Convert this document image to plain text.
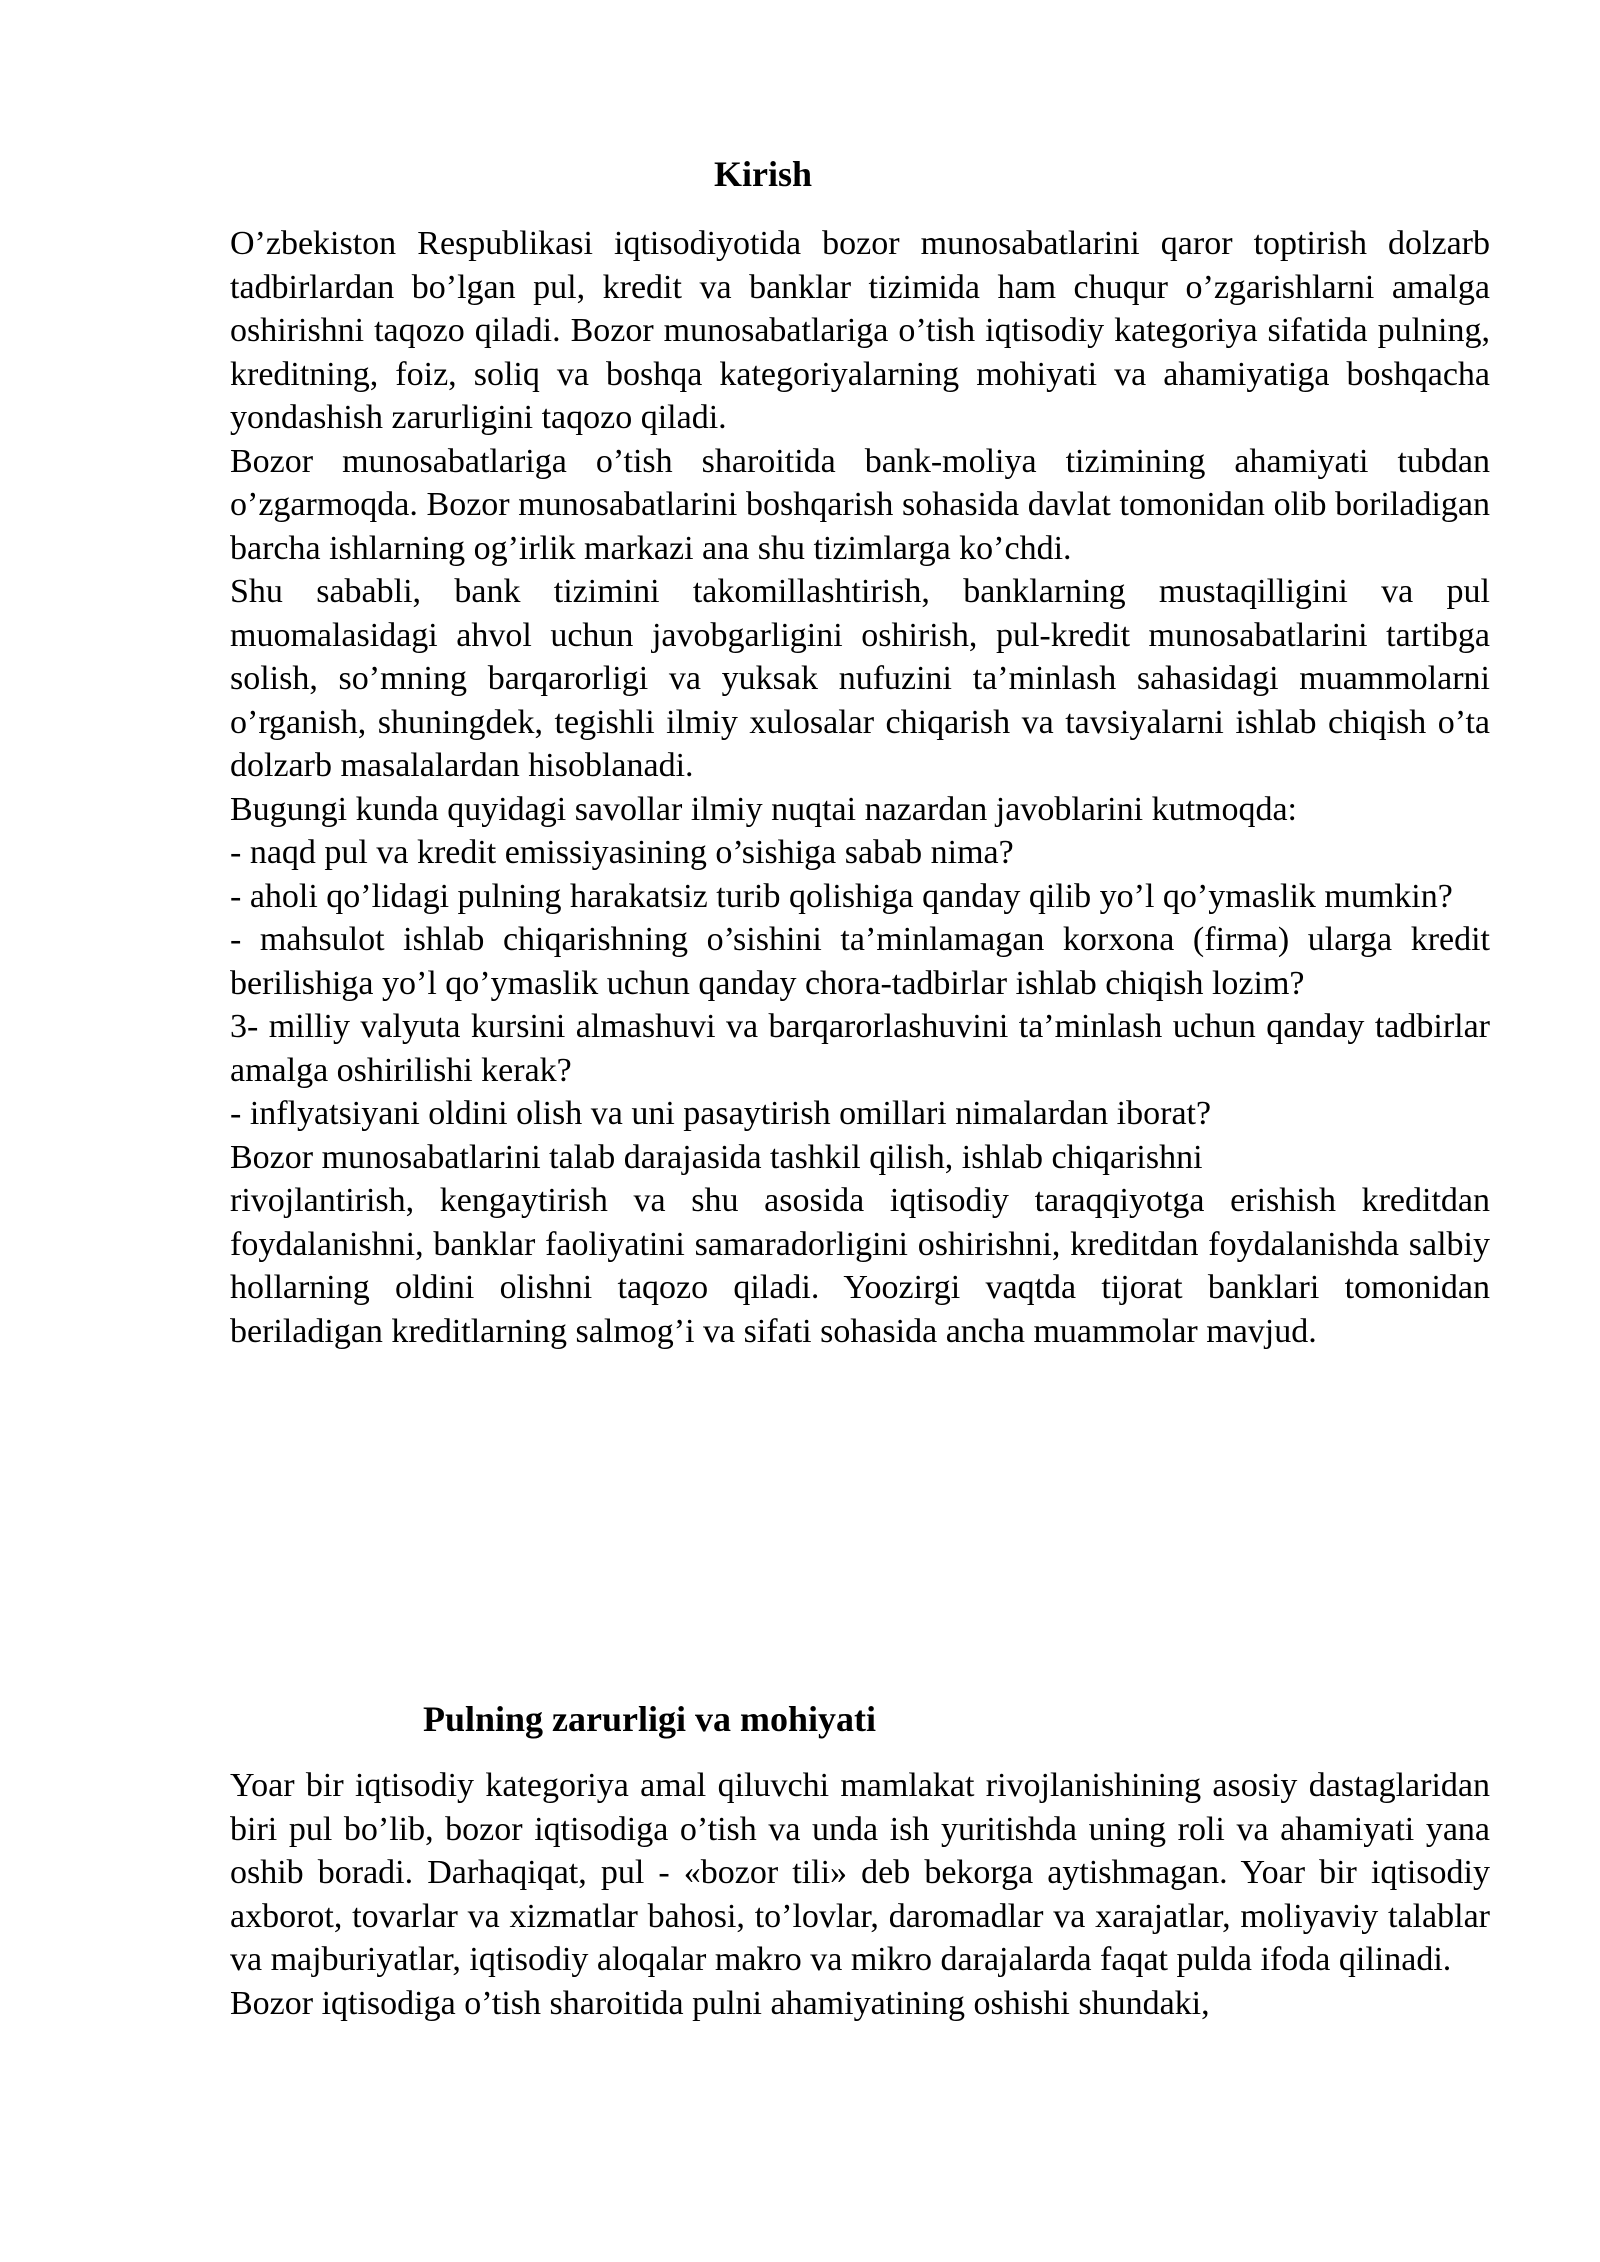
Kirish

O’zbekiston Respublikasi iqtisodiyotida bozor munosabatlarini qaror toptirish dolzarb tadbirlardan bo’lgan pul, kredit va banklar tizimida ham chuqur o’zgarishlarni amalga oshirishni taqozo qiladi. Bozor munosabatlariga o’tish iqtisodiy kategoriya sifatida pulning, kreditning, foiz, soliq va boshqa kategoriyalarning mohiyati va ahamiyatiga boshqacha yondashish zarurligini taqozo qiladi.

Bozor munosabatlariga o’tish sharoitida bank-moliya tizimining ahamiyati tubdan o’zgarmoqda. Bozor munosabatlarini boshqarish sohasida davlat tomonidan olib boriladigan barcha ishlarning og’irlik markazi ana shu tizimlarga ko’chdi.

Shu sababli, bank tizimini takomillashtirish, banklarning mustaqilligini va pul muomalasidagi ahvol uchun javobgarligini oshirish, pul-kredit munosabatlarini tartibga solish, so’mning barqarorligi va yuksak nufuzini ta’minlash sahasidagi muammolarni o’rganish, shuningdek, tegishli ilmiy xulosalar chiqarish va tavsiyalarni ishlab chiqish o’ta dolzarb masalalardan hisoblanadi.

Bugungi kunda quyidagi savollar ilmiy nuqtai nazardan javoblarini kutmoqda:

- naqd pul va kredit emissiyasining o’sishiga sabab nima?

- aholi qo’lidagi pulning harakatsiz turib qolishiga qanday qilib yo’l qo’ymaslik mumkin?

- mahsulot ishlab chiqarishning o’sishini ta’minlamagan korxona (firma) ularga kredit berilishiga yo’l qo’ymaslik uchun qanday chora-tadbirlar ishlab chiqish lozim?

3- milliy valyuta kursini almashuvi va barqarorlashuvini ta’minlash uchun qanday tadbirlar amalga oshirilishi kerak?

- inflyatsiyani oldini olish va uni pasaytirish omillari nimalardan iborat?

Bozor munosabatlarini talab darajasida tashkil qilish, ishlab chiqarishni

rivojlantirish, kengaytirish va shu asosida iqtisodiy taraqqiyotga erishish kreditdan foydalanishni, banklar faoliyatini samaradorligini oshirishni, kreditdan foydalanishda salbiy hollarning oldini olishni taqozo qiladi. Yoozirgi vaqtda tijorat banklari tomonidan beriladigan kreditlarning salmog’i va sifati sohasida ancha muammolar mavjud.

Pulning zarurligi va mohiyati

Yoar bir iqtisodiy kategoriya amal qiluvchi mamlakat rivojlanishining asosiy dastaglaridan biri pul bo’lib, bozor iqtisodiga o’tish va unda ish yuritishda uning roli va ahamiyati yana oshib boradi. Darhaqiqat, pul - «bozor tili» deb bekorga aytishmagan. Yoar bir iqtisodiy axborot, tovarlar va xizmatlar bahosi, to’lovlar, daromadlar va xarajatlar, moliyaviy talablar va majburiyatlar, iqtisodiy aloqalar makro va mikro darajalarda faqat pulda ifoda qilinadi.

Bozor iqtisodiga o’tish sharoitida pulni ahamiyatining oshishi shundaki,
